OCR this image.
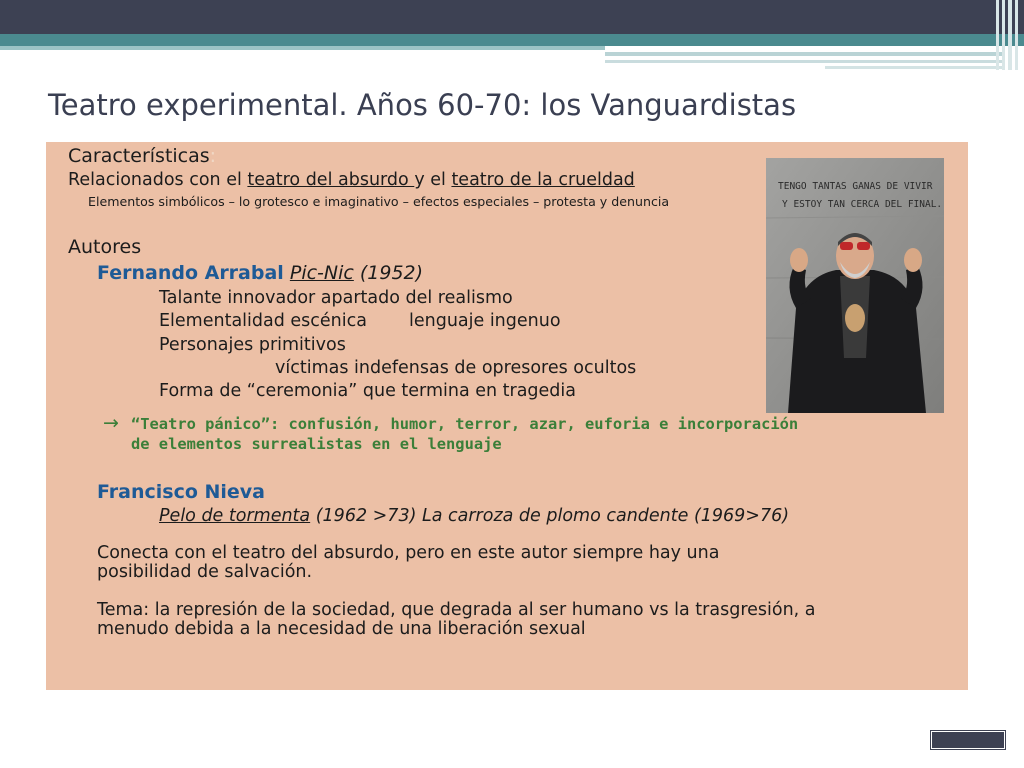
Teatro experimental. Años 60-70: los Vanguardistas
Características:
Relacionados con el teatro del absurdo y el teatro de la crueldad
Elementos simbólicos – lo grotesco e imaginativo – efectos especiales – protesta y denuncia
Autores
Fernando Arrabal Pic-Nic (1952)
Talante innovador apartado del realismo
Elementalidad escénica lenguaje ingenuo
Personajes primitivos
víctimas indefensas de opresores ocultos
Forma de “ceremonia” que termina en tragedia
→ “Teatro pánico”: confusión, humor, terror, azar, euforia e incorporación
de elementos surrealistas en el lenguaje
Francisco Nieva
Pelo de tormenta (1962 >73) La carroza de plomo candente (1969>76)
Conecta con el teatro del absurdo, pero en este autor siempre hay una
posibilidad de salvación.
Tema: la represión de la sociedad, que degrada al ser humano vs la trasgresión, a
menudo debida a la necesidad de una liberación sexual
TENGO TANTAS GANAS DE VIVIR
Y ESTOY TAN CERCA DEL FINAL.
